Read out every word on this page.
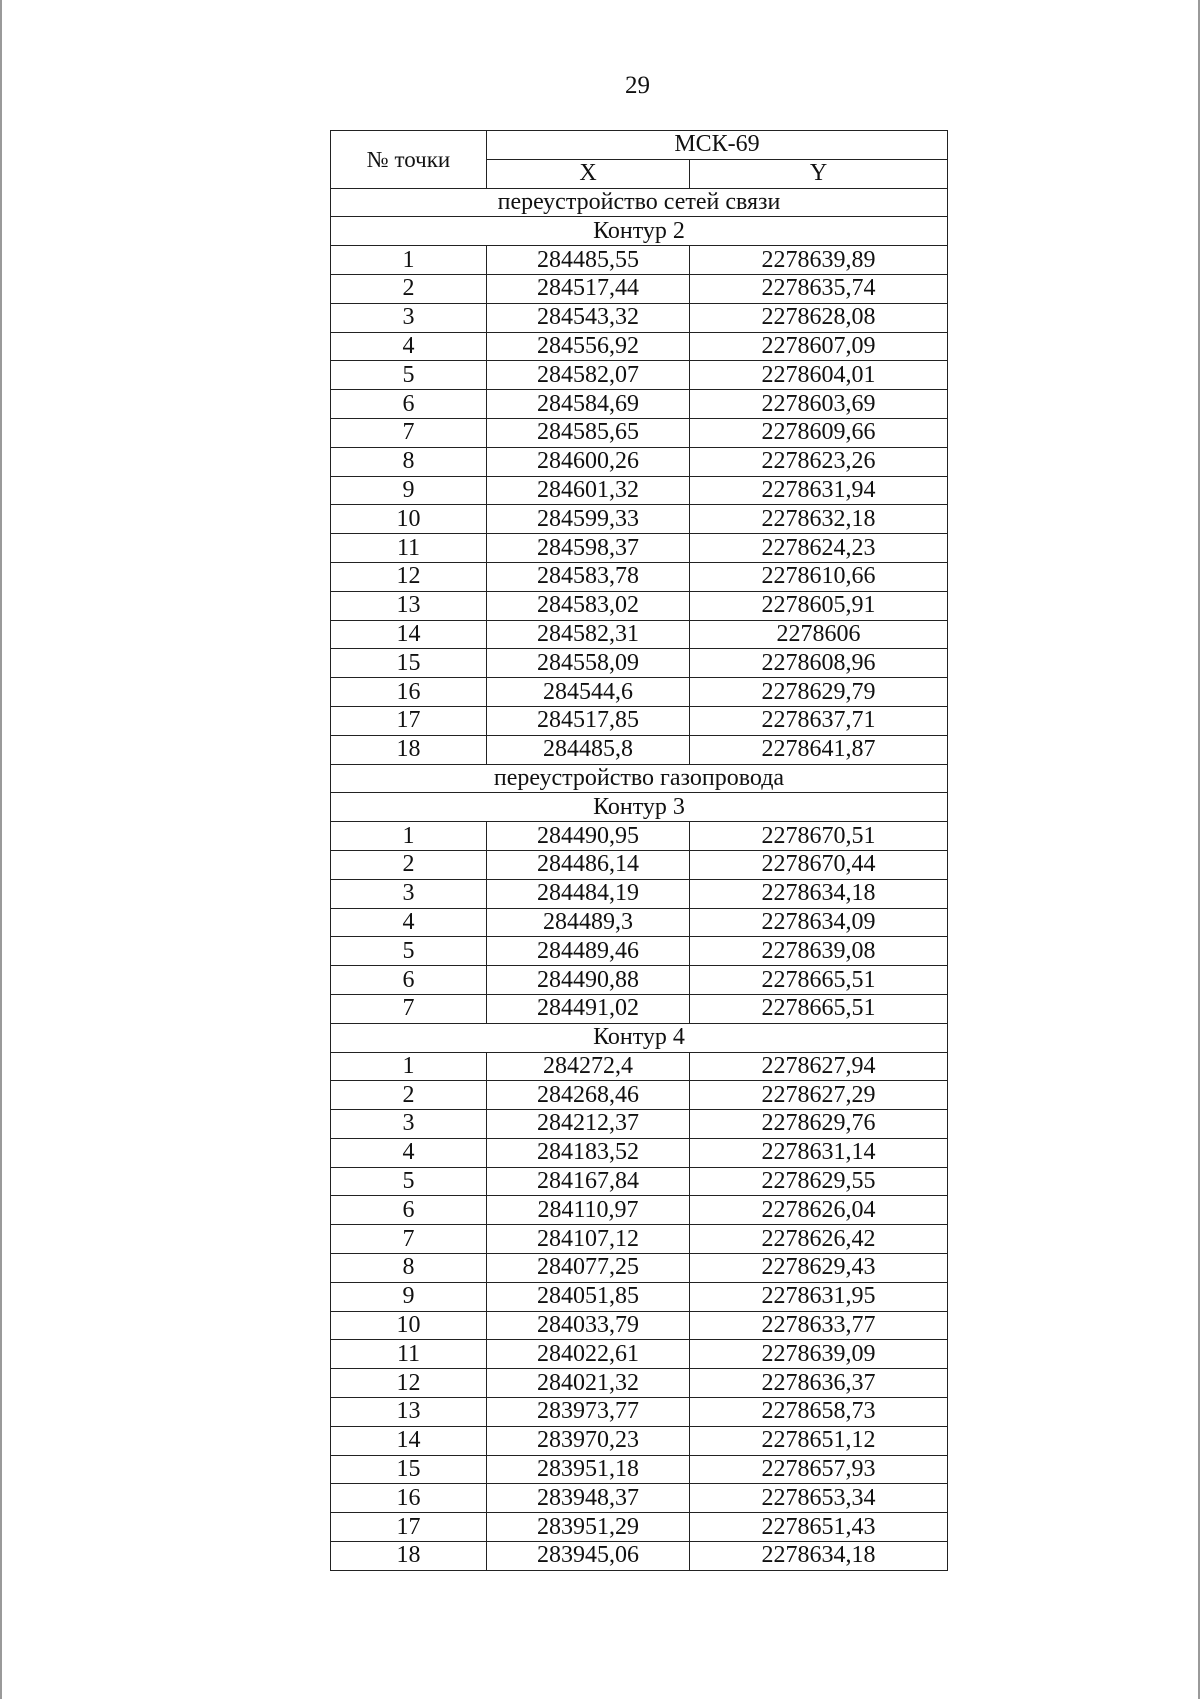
29
№ точки	МСК-69	
	X	Y
переустройство сетей связи		
Контур 2		
1	284485,55	2278639,89
2	284517,44	2278635,74
3	284543,32	2278628,08
4	284556,92	2278607,09
5	284582,07	2278604,01
6	284584,69	2278603,69
7	284585,65	2278609,66
8	284600,26	2278623,26
9	284601,32	2278631,94
10	284599,33	2278632,18
11	284598,37	2278624,23
12	284583,78	2278610,66
13	284583,02	2278605,91
14	284582,31	2278606
15	284558,09	2278608,96
16	284544,6	2278629,79
17	284517,85	2278637,71
18	284485,8	2278641,87
переустройство газопровода		
Контур 3		
1	284490,95	2278670,51
2	284486,14	2278670,44
3	284484,19	2278634,18
4	284489,3	2278634,09
5	284489,46	2278639,08
6	284490,88	2278665,51
7	284491,02	2278665,51
Контур 4		
1	284272,4	2278627,94
2	284268,46	2278627,29
3	284212,37	2278629,76
4	284183,52	2278631,14
5	284167,84	2278629,55
6	284110,97	2278626,04
7	284107,12	2278626,42
8	284077,25	2278629,43
9	284051,85	2278631,95
10	284033,79	2278633,77
11	284022,61	2278639,09
12	284021,32	2278636,37
13	283973,77	2278658,73
14	283970,23	2278651,12
15	283951,18	2278657,93
16	283948,37	2278653,34
17	283951,29	2278651,43
18	283945,06	2278634,18
